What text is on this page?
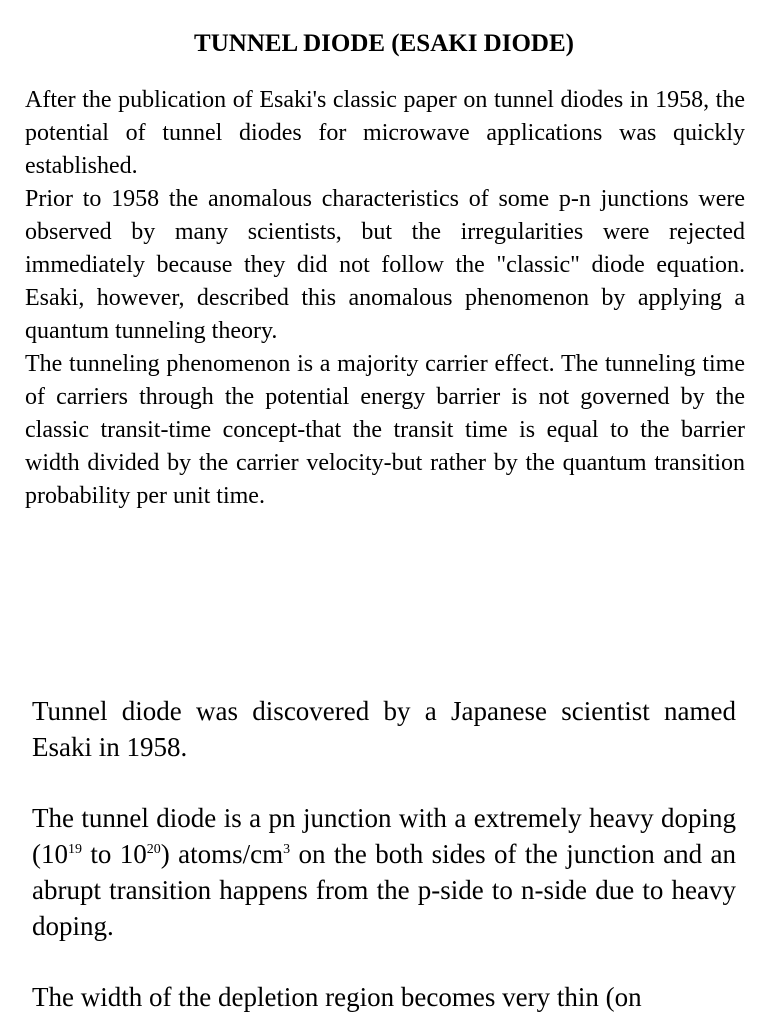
TUNNEL DIODE (ESAKI DIODE)

After the publication of Esaki's classic paper on tunnel diodes in 1958, the potential of tunnel diodes for microwave applications was quickly established.

Prior to 1958 the anomalous characteristics of some p-n junctions were observed by many scientists, but the irregularities were rejected immediately because they did not follow the "classic" diode equation. Esaki, however, described this anomalous phenomenon by applying a quantum tunneling theory.

The tunneling phenomenon is a majority carrier effect. The tunneling time of carriers through the potential energy barrier is not governed by the classic transit-time concept-that the transit time is equal to the barrier width divided by the carrier velocity-but rather by the quantum transition probability per unit time.

Tunnel diode was discovered by a Japanese scientist named Esaki in 1958.

The tunnel diode is a pn junction with a extremely heavy doping ($10^{19}$ to $10^{20}$) atoms/$cm^3$ on the both sides of the junction and an abrupt transition happens from the p-side to n-side due to heavy doping.

The width of the depletion region becomes very thin (on
